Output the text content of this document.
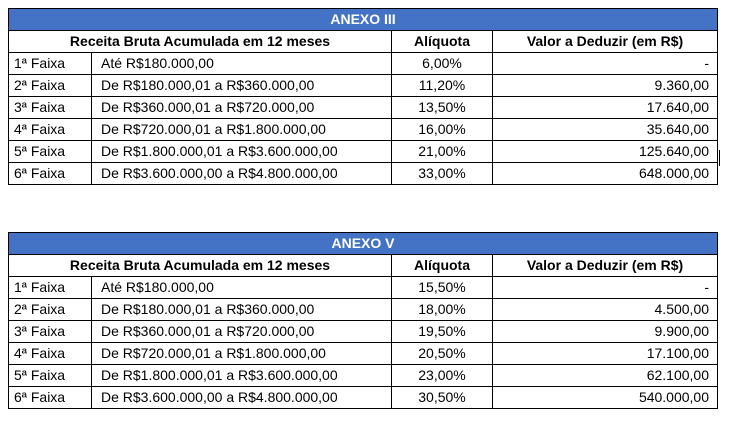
ANEXO III			
Receita Bruta Acumulada em 12 meses		Alíquota	Valor a Deduzir (em R$)
1ª Faixa	Até R$180.000,00	6,00%	-
2ª Faixa	De R$180.000,01 a R$360.000,00	11,20%	9.360,00
3ª Faixa	De R$360.000,01 a R$720.000,00	13,50%	17.640,00
4ª Faixa	De R$720.000,01 a R$1.800.000,00	16,00%	35.640,00
5ª Faixa	De R$1.800.000,01 a R$3.600.000,00	21,00%	125.640,00
6ª Faixa	De R$3.600.000,00 a R$4.800.000,00	33,00%	648.000,00
ANEXO V			
Receita Bruta Acumulada em 12 meses		Alíquota	Valor a Deduzir (em R$)
1ª Faixa	Até R$180.000,00	15,50%	-
2ª Faixa	De R$180.000,01 a R$360.000,00	18,00%	4.500,00
3ª Faixa	De R$360.000,01 a R$720.000,00	19,50%	9.900,00
4ª Faixa	De R$720.000,01 a R$1.800.000,00	20,50%	17.100,00
5ª Faixa	De R$1.800.000,01 a R$3.600.000,00	23,00%	62.100,00
6ª Faixa	De R$3.600.000,00 a R$4.800.000,00	30,50%	540.000,00
